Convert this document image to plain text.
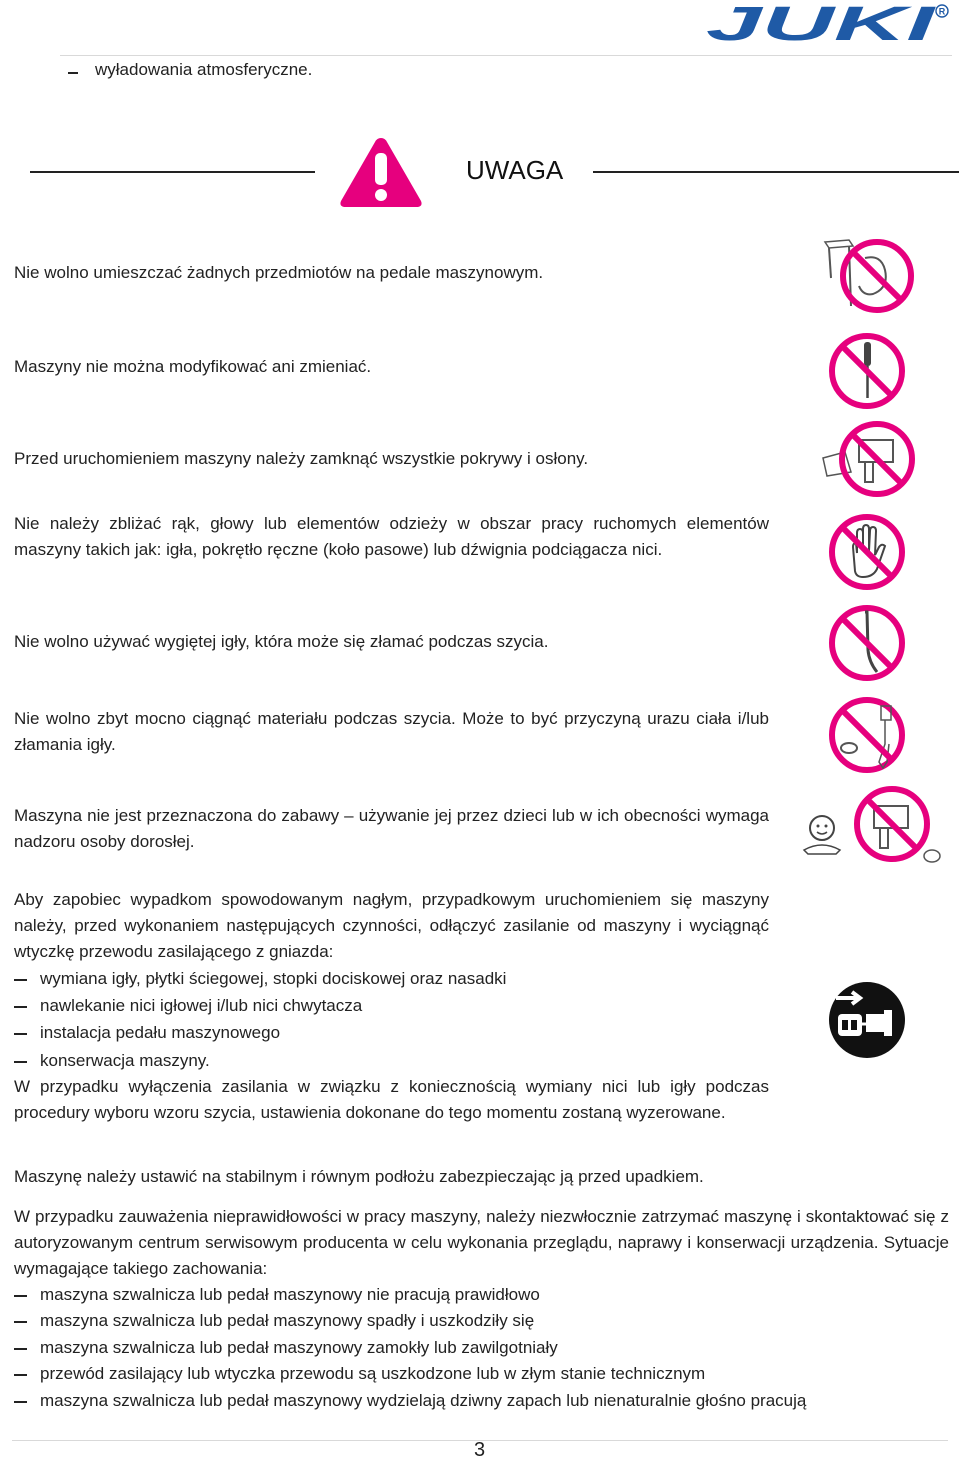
JUKI R
wyładowania atmosferyczne.
UWAGA
Nie wolno umieszczać żadnych przedmiotów na pedale maszynowym.
Maszyny nie można modyfikować ani zmieniać.
Przed uruchomieniem maszyny należy zamknąć wszystkie pokrywy i osłony.
Nie należy zbliżać rąk, głowy lub elementów odzieży w obszar pracy ruchomych elementów maszyny takich jak: igła, pokrętło ręczne (koło pasowe) lub dźwignia podciągacza nici.
Nie wolno używać wygiętej igły, która może się złamać podczas szycia.
Nie wolno zbyt mocno ciągnąć materiału podczas szycia. Może to być przyczyną urazu ciała i/lub złamania igły.
Maszyna nie jest przeznaczona do zabawy – używanie jej przez dzieci lub w ich obecności wymaga nadzoru osoby dorosłej.
Aby zapobiec wypadkom spowodowanym nagłym, przypadkowym uruchomieniem się maszyny należy, przed wykonaniem następujących czynności, odłączyć zasilanie od maszyny i wyciągnąć wtyczkę przewodu zasilającego z gniazda:
wymiana igły, płytki ściegowej, stopki dociskowej oraz nasadki
nawlekanie nici igłowej i/lub nici chwytacza
instalacja pedału maszynowego
konserwacja maszyny.
W przypadku wyłączenia zasilania w związku z koniecznością wymiany nici lub igły podczas procedury wyboru wzoru szycia, ustawienia dokonane do tego momentu zostaną wyzerowane.
Maszynę należy ustawić na stabilnym i równym podłożu zabezpieczając ją przed upadkiem.
W przypadku zauważenia nieprawidłowości w pracy maszyny, należy niezwłocznie zatrzymać maszynę i skontaktować się z autoryzowanym centrum serwisowym producenta w celu wykonania przeglądu, naprawy i konserwacji urządzenia. Sytuacje wymagające takiego zachowania:
maszyna szwalnicza lub pedał maszynowy nie pracują prawidłowo
maszyna szwalnicza lub pedał maszynowy spadły i uszkodziły się
maszyna szwalnicza lub pedał maszynowy zamokły lub zawilgotniały
przewód zasilający lub wtyczka przewodu są uszkodzone lub w złym stanie technicznym
maszyna szwalnicza lub pedał maszynowy wydzielają dziwny zapach lub nienaturalnie głośno pracują
3
